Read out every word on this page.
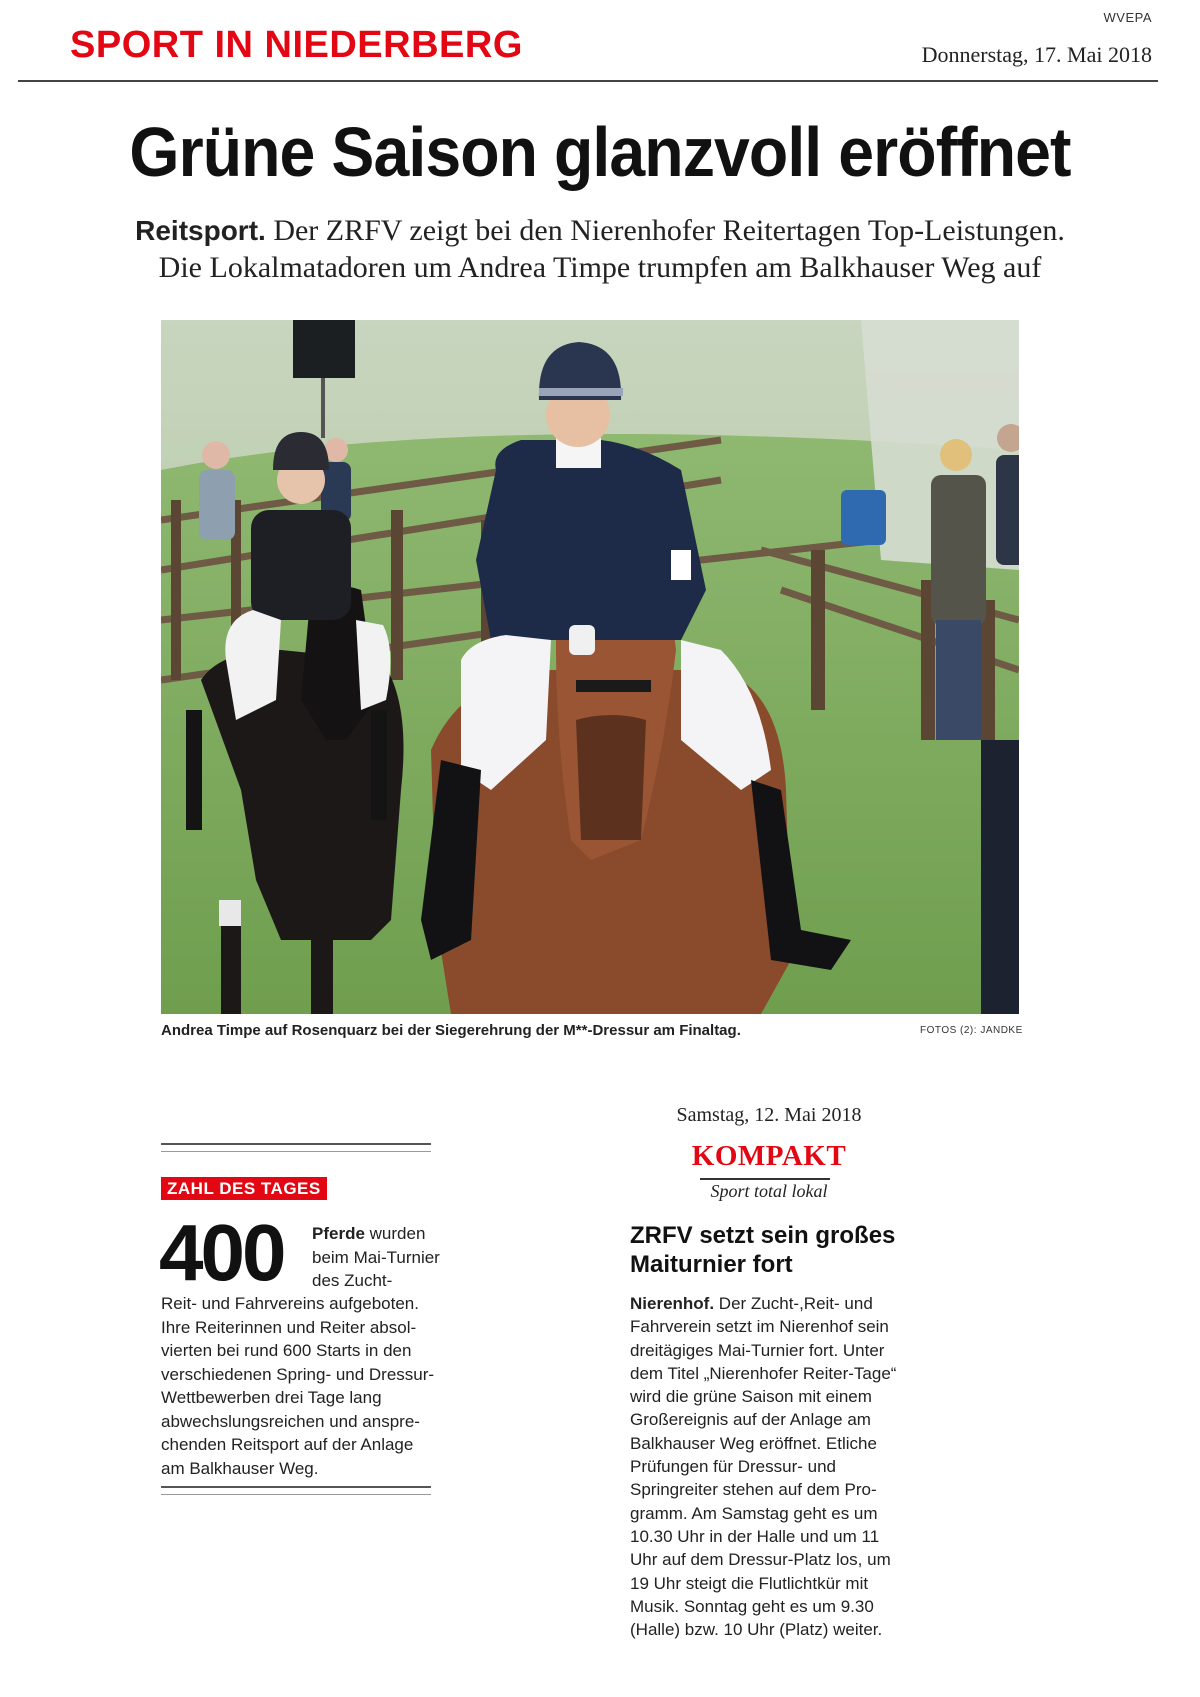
WVEPA
SPORT IN NIEDERBERG	Donnerstag, 17. Mai 2018
Grüne Saison glanzvoll eröffnet
Reitsport. Der ZRFV zeigt bei den Nierenhofer Reitertagen Top-Leistungen.
Die Lokalmatadoren um Andrea Timpe trumpfen am Balkhauser Weg auf
Andrea Timpe auf Rosenquarz bei der Siegerehrung der M**-Dressur am Finaltag.	FOTOS (2): JANDKE
ZAHL DES TAGES
400 Pferde wurden beim Mai-Turnier des Zucht-
Reit- und Fahrvereins aufgeboten. Ihre Reiterinnen und Reiter absolvierten bei rund 600 Starts in den verschiedenen Spring- und Dressur-Wettbewerben drei Tage lang abwechslungsreichen und ansprechenden Reitsport auf der Anlage am Balkhauser Weg.
Samstag, 12. Mai 2018
KOMPAKT
Sport total lokal
ZRFV setzt sein großes Maiturnier fort
Nierenhof. Der Zucht-,Reit- und Fahrverein setzt im Nierenhof sein dreitägiges Mai-Turnier fort. Unter dem Titel „Nierenhofer Reiter-Tage“ wird die grüne Saison mit einem Großereignis auf der Anlage am Balkhauser Weg eröffnet. Etliche Prüfungen für Dressur- und Springreiter stehen auf dem Programm. Am Samstag geht es um 10.30 Uhr in der Halle und um 11 Uhr auf dem Dressur-Platz los, um 19 Uhr steigt die Flutlichtkür mit Musik. Sonntag geht es um 9.30 (Halle) bzw. 10 Uhr (Platz) weiter.
